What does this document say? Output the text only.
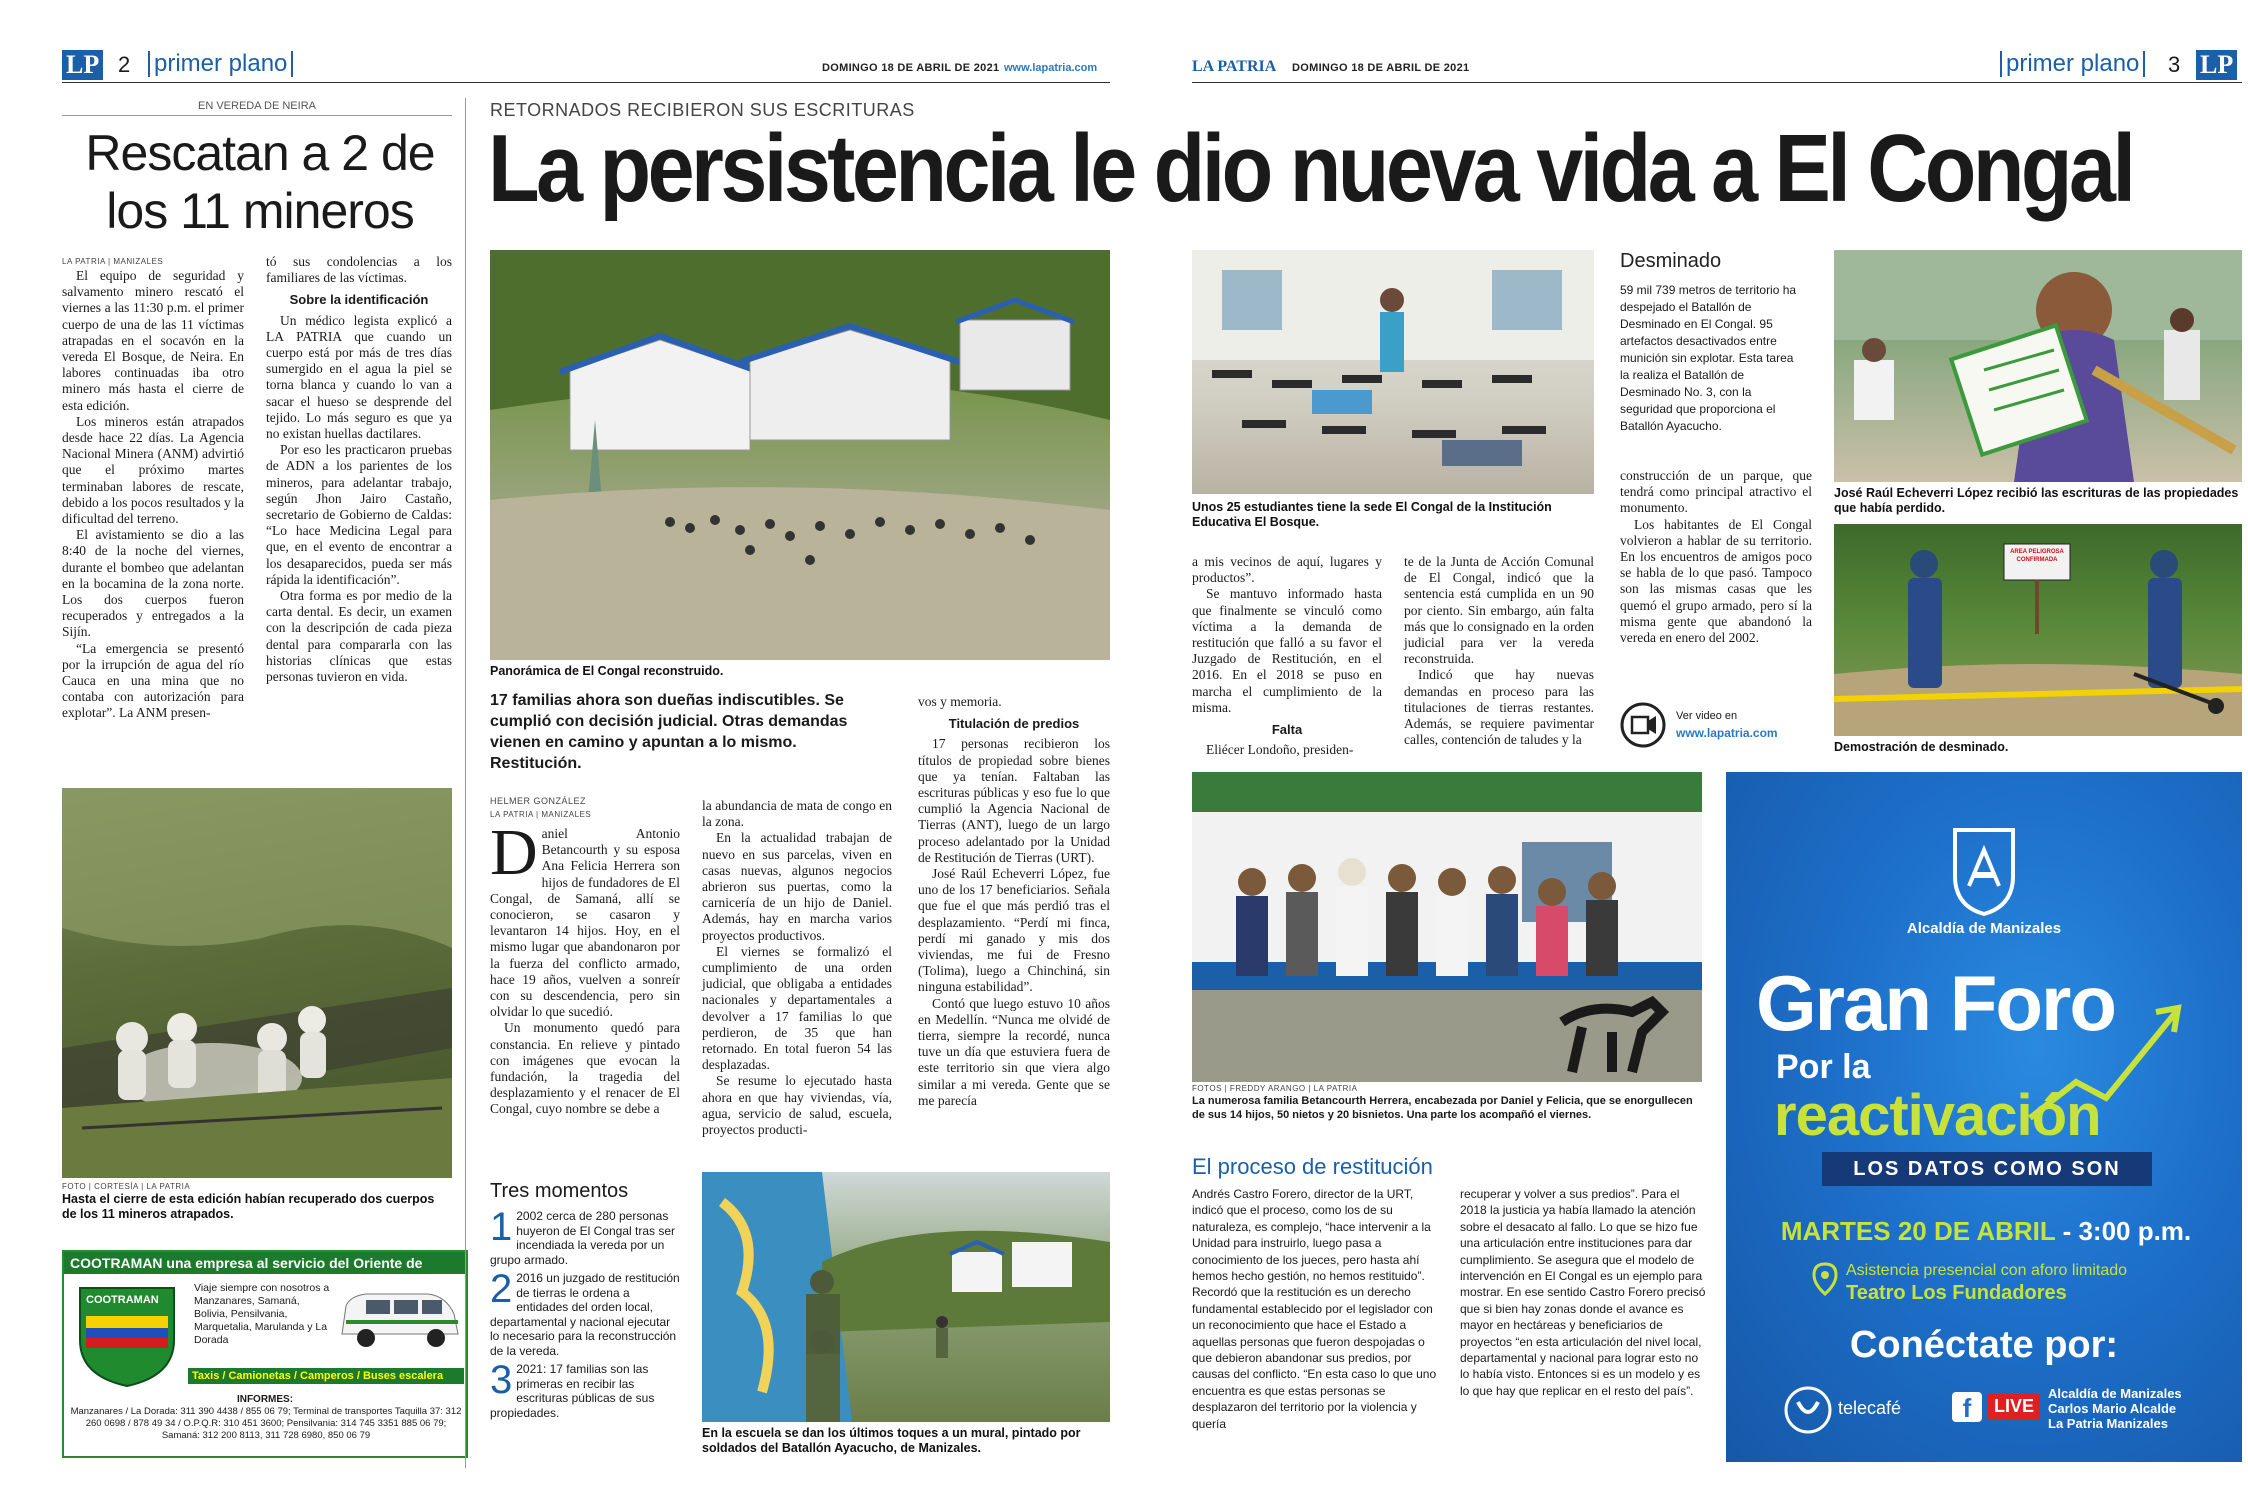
LP 2 primer plano	DOMINGO 18 DE ABRIL DE 2021 www.lapatria.com	LA PATRIA DOMINGO 18 DE ABRIL DE 2021	primer plano 3 LP
EN VEREDA DE NEIRA
Rescatan a 2 de los 11 mineros
LA PATRIA | MANIZALES

El equipo de seguridad y salvamento minero rescató el viernes a las 11:30 p.m. el primer cuerpo de una de las 11 víctimas atrapadas en el socavón en la vereda El Bosque, de Neira. En labores continuadas iba otro minero más hasta el cierre de esta edición.

Los mineros están atrapados desde hace 22 días. La Agencia Nacional Minera (ANM) advirtió que el próximo martes terminaban labores de rescate, debido a los pocos resultados y la dificultad del terreno.

El avistamiento se dio a las 8:40 de la noche del viernes, durante el bombeo que adelantan en la bocamina de la zona norte. Los dos cuerpos fueron recuperados y entregados a la Sijín.

“La emergencia se presentó por la irrupción de agua del río Cauca en una mina que no contaba con autorización para explotar”. La ANM presen-

tó sus condolencias a los familiares de las víctimas.

Sobre la identificación

Un médico legista explicó a LA PATRIA que cuando un cuerpo está por más de tres días sumergido en el agua la piel se torna blanca y cuando lo van a sacar el hueso se desprende del tejido. Lo más seguro es que ya no existan huellas dactilares.

Por eso les practicaron pruebas de ADN a los parientes de los mineros, para adelantar trabajo, según Jhon Jairo Castaño, secretario de Gobierno de Caldas: “Lo hace Medicina Legal para que, en el evento de encontrar a los desaparecidos, pueda ser más rápida la identificación”.

Otra forma es por medio de la carta dental. Es decir, un examen con la descripción de cada pieza dental para compararla con las historias clínicas que estas personas tuvieron en vida.

FOTO | CORTESÍA | LA PATRIA
Hasta el cierre de esta edición habían recuperado dos cuerpos de los 11 mineros atrapados.
COOTRAMAN una empresa al servicio del Oriente de Caldas
COOTRAMAN
Viaje siempre con nosotros a Manzanares, Samaná, Bolivia, Pensilvania, Marquetalia, Marulanda y La Dorada
Taxis / Camionetas / Camperos / Buses escalera
INFORMES:
Manzanares / La Dorada: 311 390 4438 / 855 06 79; Terminal de transportes Taquilla 37: 312 260 0698 / 878 49 34 / O.P.Q.R: 310 451 3600; Pensilvania: 314 745 3351 885 06 79; Samaná: 312 200 8113, 311 728 6980, 850 06 79
RETORNADOS RECIBIERON SUS ESCRITURAS
La persistencia le dio nueva vida a El Congal
Panorámica de El Congal reconstruido.
17 familias ahora son dueñas indiscutibles. Se cumplió con decisión judicial. Otras demandas vienen en camino y apuntan a lo mismo. Restitución.
HELMER GONZÁLEZ
LA PATRIA | MANIZALES

Daniel Antonio Betancourth y su esposa Ana Felicia Herrera son hijos de fundadores de El Congal, de Samaná, allí se conocieron, se casaron y levantaron 14 hijos. Hoy, en el mismo lugar que abandonaron por la fuerza del conflicto armado, hace 19 años, vuelven a sonreír con su descendencia, pero sin olvidar lo que sucedió.

Un monumento quedó para constancia. En relieve y pintado con imágenes que evocan la fundación, la tragedia del desplazamiento y el renacer de El Congal, cuyo nombre se debe a

la abundancia de mata de congo en la zona.

En la actualidad trabajan de nuevo en sus parcelas, viven en casas nuevas, algunos negocios abrieron sus puertas, como la carnicería de un hijo de Daniel. Además, hay en marcha varios proyectos productivos.

El viernes se formalizó el cumplimiento de una orden judicial, que obligaba a entidades nacionales y departamentales a devolver a 17 familias lo que perdieron, de 35 que han retornado. En total fueron 54 las desplazadas.

Se resume lo ejecutado hasta ahora en que hay viviendas, vía, agua, servicio de salud, escuela, proyectos producti-

vos y memoria.

Titulación de predios

17 personas recibieron los títulos de propiedad sobre bienes que ya tenían. Faltaban las escrituras públicas y eso fue lo que cumplió la Agencia Nacional de Tierras (ANT), luego de un largo proceso adelantado por la Unidad de Restitución de Tierras (URT).

José Raúl Echeverri López, fue uno de los 17 beneficiarios. Señala que fue el que más perdió tras el desplazamiento. “Perdí mi finca, perdí mi ganado y mis dos viviendas, me fui de Fresno (Tolima), luego a Chinchiná, sin ninguna estabilidad”.

Contó que luego estuvo 10 años en Medellín. “Nunca me olvidé de tierra, siempre la recordé, nunca tuve un día que estuviera fuera de este territorio sin que viera algo similar a mi vereda. Gente que se me parecía

Tres momentos
1 2002 cerca de 280 personas huyeron de El Congal tras ser incendiada la vereda por un grupo armado.
2 2016 un juzgado de restitución de tierras le ordena a entidades del orden local, departamental y nacional ejecutar lo necesario para la reconstrucción de la vereda.
3 2021: 17 familias son las primeras en recibir las escrituras públicas de sus propiedades.
En la escuela se dan los últimos toques a un mural, pintado por soldados del Batallón Ayacucho, de Manizales.
Unos 25 estudiantes tiene la sede El Congal de la Institución Educativa El Bosque.

a mis vecinos de aquí, lugares y productos”.

Se mantuvo informado hasta que finalmente se vinculó como víctima a la demanda de restitución que falló a su favor el Juzgado de Restitución, en el 2016. En el 2018 se puso en marcha el cumplimiento de la misma.

Falta

Eliécer Londoño, presiden-

te de la Junta de Acción Comunal de El Congal, indicó que la sentencia está cumplida en un 90 por ciento. Sin embargo, aún falta más que lo consignado en la orden judicial para ver la vereda reconstruida.

Indicó que hay nuevas demandas en proceso para las titulaciones de tierras restantes. Además, se requiere pavimentar calles, contención de taludes y la

Desminado
59 mil 739 metros de territorio ha despejado el Batallón de Desminado en El Congal. 95 artefactos desactivados entre munición sin explotar. Esta tarea la realiza el Batallón de Desminado No. 3, con la seguridad que proporciona el Batallón Ayacucho.

construcción de un parque, que tendrá como principal atractivo el monumento.

Los habitantes de El Congal volvieron a hablar de su territorio. En los encuentros de amigos poco se habla de lo que pasó. Tampoco son las mismas casas que les quemó el grupo armado, pero sí la misma gente que abandonó la vereda en enero del 2002.

Ver video en
www.lapatria.com
José Raúl Echeverri López recibió las escrituras de las propiedades que había perdido.
AREA PELIGROSA CONFIRMADA
Demostración de desminado.
FOTOS | FREDDY ARANGO | LA PATRIA
La numerosa familia Betancourth Herrera, encabezada por Daniel y Felicia, que se enorgullecen de sus 14 hijos, 50 nietos y 20 bisnietos. Una parte los acompañó el viernes.
El proceso de restitución
Andrés Castro Forero, director de la URT, indicó que el proceso, como los de su naturaleza, es complejo, “hace intervenir a la Unidad para instruirlo, luego pasa a conocimiento de los jueces, pero hasta ahí hemos hecho gestión, no hemos restituido”. Recordó que la restitución es un derecho fundamental establecido por el legislador con un reconocimiento que hace el Estado a aquellas personas que fueron despojadas o que debieron abandonar sus predios, por causas del conflicto. “En esta caso lo que uno encuentra es que estas personas se desplazaron del territorio por la violencia y quería
recuperar y volver a sus predios”. Para el 2018 la justicia ya había llamado la atención sobre el desacato al fallo. Lo que se hizo fue una articulación entre instituciones para dar cumplimiento. Se asegura que el modelo de intervención en El Congal es un ejemplo para mostrar. En ese sentido Castro Forero precisó que si bien hay zonas donde el avance es mayor en hectáreas y beneficiarios de proyectos “en esta articulación del nivel local, departamental y nacional para lograr esto no lo había visto. Entonces si es un modelo y es lo que hay que replicar en el resto del país”.
Alcaldía de Manizales
Gran Foro
Por la
reactivación
LOS DATOS COMO SON
MARTES 20 DE ABRIL - 3:00 p.m.
Asistencia presencial con aforo limitado
Teatro Los Fundadores
Conéctate por:
telecafé	f	LIVE
Alcaldía de Manizales
Carlos Mario Alcalde
La Patria Manizales
